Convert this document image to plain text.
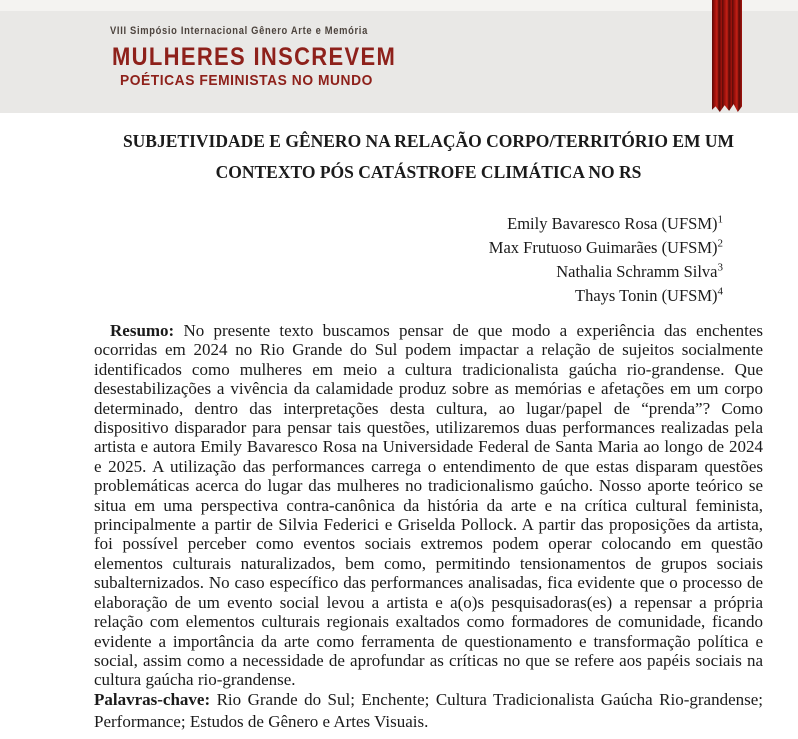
VIII Simpósio Internacional Gênero Arte e Memória
MULHERES INSCREVEM
POÉTICAS FEMINISTAS NO MUNDO
SUBJETIVIDADE E GÊNERO NA RELAÇÃO CORPO/TERRITÓRIO EM UM
CONTEXTO PÓS CATÁSTROFE CLIMÁTICA NO RS
Emily Bavaresco Rosa (UFSM)$^1$
Max Frutuoso Guimarães (UFSM)$^2$
Nathalia Schramm Silva$^3$
Thays Tonin (UFSM)$^4$

Resumo: No presente texto buscamos pensar de que modo a experiência das enchentes ocorridas em 2024 no Rio Grande do Sul podem impactar a relação de sujeitos socialmente identificados como mulheres em meio a cultura tradicionalista gaúcha rio-grandense. Que desestabilizações a vivência da calamidade produz sobre as memórias e afetações em um corpo determinado, dentro das interpretações desta cultura, ao lugar/papel de “prenda”? Como dispositivo disparador para pensar tais questões, utilizaremos duas performances realizadas pela artista e autora Emily Bavaresco Rosa na Universidade Federal de Santa Maria ao longo de 2024 e 2025. A utilização das performances carrega o entendimento de que estas disparam questões problemáticas acerca do lugar das mulheres no tradicionalismo gaúcho. Nosso aporte teórico se situa em uma perspectiva contra-canônica da história da arte e na crítica cultural feminista, principalmente a partir de Silvia Federici e Griselda Pollock. A partir das proposições da artista, foi possível perceber como eventos sociais extremos podem operar colocando em questão elementos culturais naturalizados, bem como, permitindo tensionamentos de grupos sociais subalternizados. No caso específico das performances analisadas, fica evidente que o processo de elaboração de um evento social levou a artista e a(o)s pesquisadoras(es) a repensar a própria relação com elementos culturais regionais exaltados como formadores de comunidade, ficando evidente a importância da arte como ferramenta de questionamento e transformação política e social, assim como a necessidade de aprofundar as críticas no que se refere aos papéis sociais na cultura gaúcha rio-grandense.

Palavras-chave: Rio Grande do Sul; Enchente; Cultura Tradicionalista Gaúcha Rio-grandense; Performance; Estudos de Gênero e Artes Visuais.
